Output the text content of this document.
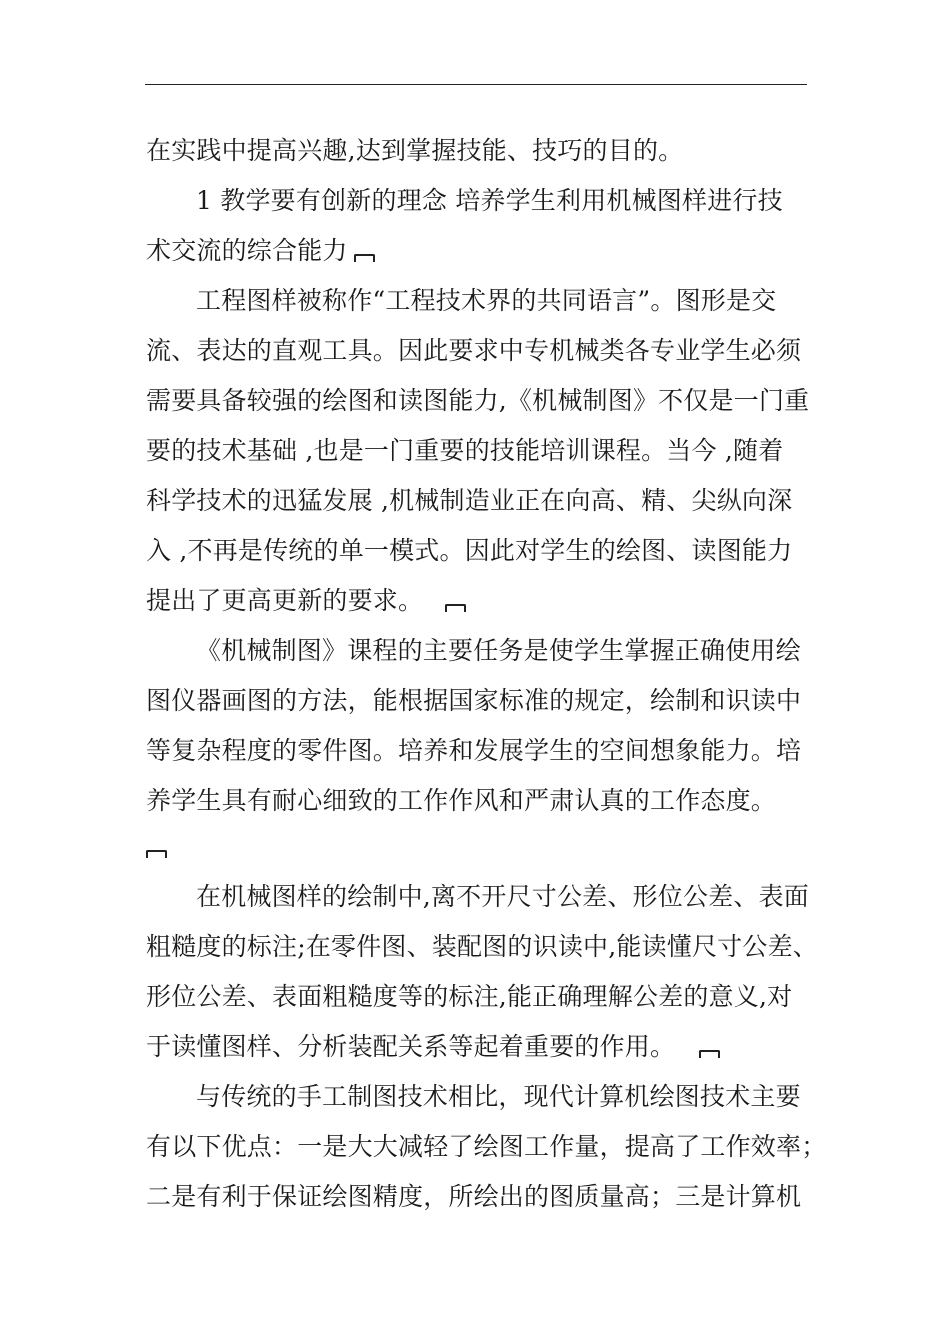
在实践中提高兴趣,达到掌握技能、技巧的目的。
1 教学要有创新的理念 培养学生利用机械图样进行技
术交流的综合能力
工程图样被称作“工程技术界的共同语言”。图形是交
流、表达的直观工具。因此要求中专机械类各专业学生必须
需要具备较强的绘图和读图能力,《机械制图》不仅是一门重
要的技术基础 ,也是一门重要的技能培训课程。当今 ,随着
科学技术的迅猛发展 ,机械制造业正在向高、精、尖纵向深
入 ,不再是传统的单一模式。因此对学生的绘图、读图能力
提出了更高更新的要求。
《机械制图》课程的主要任务是使学生掌握正确使用绘
图仪器画图的方法，能根据国家标准的规定，绘制和识读中
等复杂程度的零件图。培养和发展学生的空间想象能力。培
养学生具有耐心细致的工作作风和严肃认真的工作态度。
在机械图样的绘制中,离不开尺寸公差、形位公差、表面
粗糙度的标注;在零件图、装配图的识读中,能读懂尺寸公差、
形位公差、表面粗糙度等的标注,能正确理解公差的意义,对
于读懂图样、分析装配关系等起着重要的作用。
与传统的手工制图技术相比，现代计算机绘图技术主要
有以下优点：一是大大减轻了绘图工作量，提高了工作效率；
二是有利于保证绘图精度，所绘出的图质量高；三是计算机
